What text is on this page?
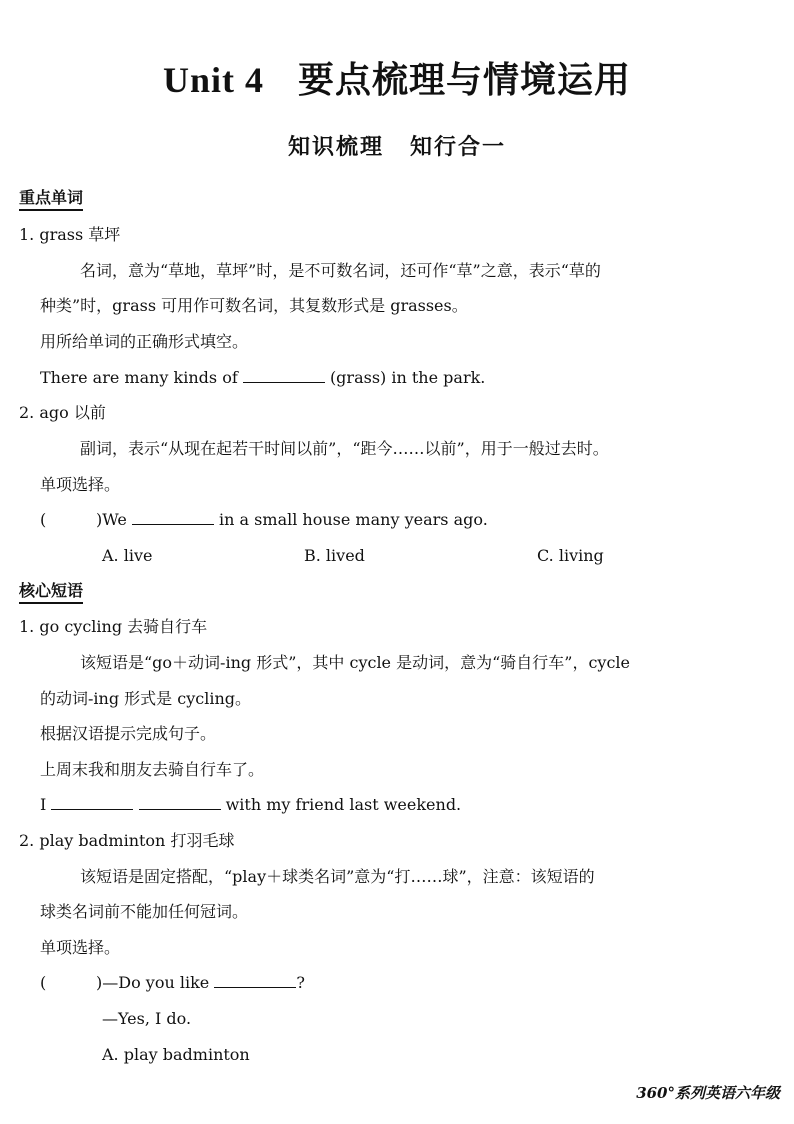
Unit 4 要点梳理与情境运用
知识梳理 知行合一
重点单词
1. grass 草坪
名词，意为“草地，草坪”时，是不可数名词，还可作“草”之意，表示“草的
种类”时，grass 可用作可数名词，其复数形式是 grasses。
用所给单词的正确形式填空。
There are many kinds of	(grass) in the park.
2. ago 以前
副词，表示“从现在起若干时间以前”，“距今……以前”，用于一般过去时。
单项选择。
(	)We	in a small house many years ago.
A. live	B. lived	C. living
核心短语
1. go cycling 去骑自行车
该短语是“go＋动词-ing 形式”，其中 cycle 是动词，意为“骑自行车”，cycle
的动词-ing 形式是 cycling。
根据汉语提示完成句子。
上周末我和朋友去骑自行车了。
I	with my friend last weekend.
2. play badminton 打羽毛球
该短语是固定搭配，“play＋球类名词”意为“打……球”，注意：该短语的
球类名词前不能加任何冠词。
单项选择。
(	)—Do you like	?
—Yes, I do.
A. play badminton
360°系列英语六年级
